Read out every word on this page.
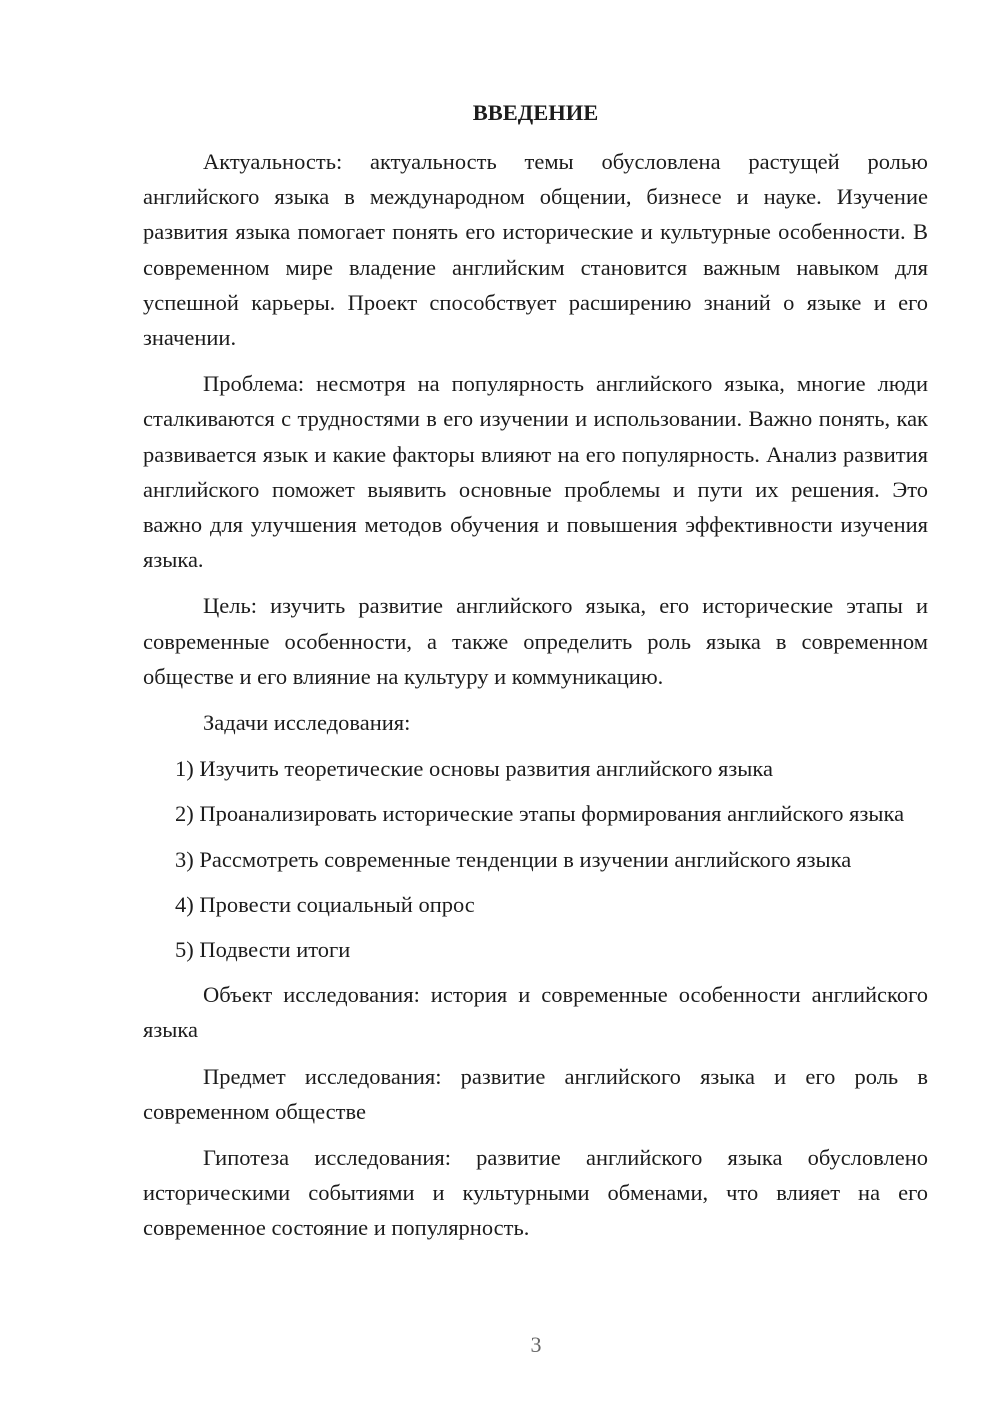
ВВЕДЕНИЕ

Актуальность: актуальность темы обусловлена растущей ролью английского языка в международном общении, бизнесе и науке. Изучение развития языка помогает понять его исторические и культурные особенности. В современном мире владение английским становится важным навыком для успешной карьеры. Проект способствует расширению знаний о языке и его значении.

Проблема: несмотря на популярность английского языка, многие люди сталкиваются с трудностями в его изучении и использовании. Важно понять, как развивается язык и какие факторы влияют на его популярность. Анализ развития английского поможет выявить основные проблемы и пути их решения. Это важно для улучшения методов обучения и повышения эффективности изучения языка.

Цель: изучить развитие английского языка, его исторические этапы и современные особенности, а также определить роль языка в современном обществе и его влияние на культуру и коммуникацию.

Задачи исследования:

1) Изучить теоретические основы развития английского языка

2) Проанализировать исторические этапы формирования английского языка

3) Рассмотреть современные тенденции в изучении английского языка

4) Провести социальный опрос

5) Подвести итоги

Объект исследования: история и современные особенности английского языка

Предмет исследования: развитие английского языка и его роль в современном обществе

Гипотеза исследования: развитие английского языка обусловлено историческими событиями и культурными обменами, что влияет на его современное состояние и популярность.

3
